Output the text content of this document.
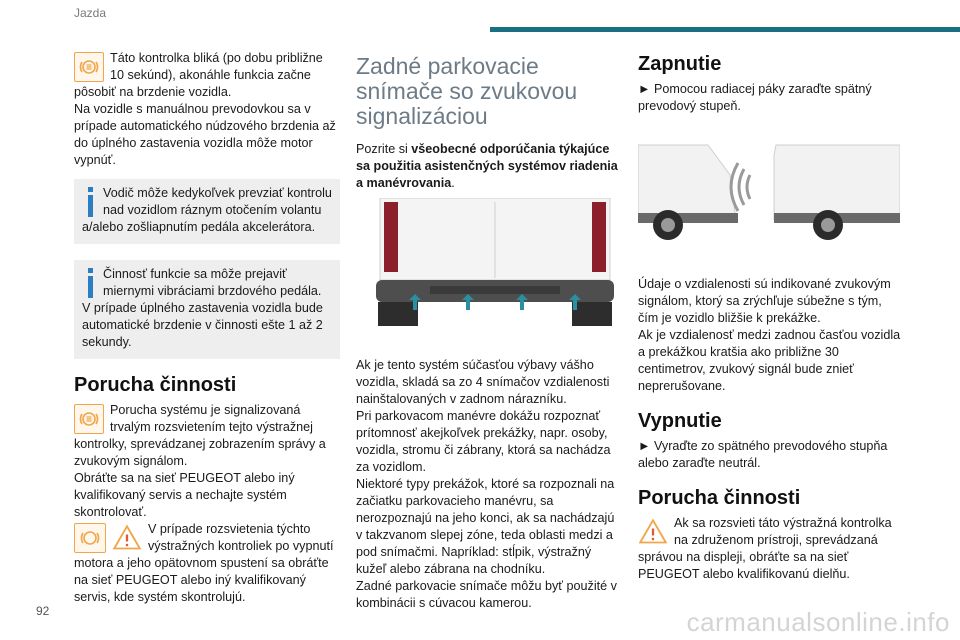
Jazda

Táto kontrolka bliká (po dobu približne 10 sekúnd), akonáhle funkcia začne pôsobiť na brzdenie vozidla.

Na vozidle s manuálnou prevodovkou sa v prípade automatického núdzového brzdenia až do úplného zastavenia vozidla môže motor vypnúť.

Vodič môže kedykoľvek prevziať kontrolu nad vozidlom ráznym otočením volantu a/alebo zošliapnutím pedála akcelerátora.

Činnosť funkcie sa môže prejaviť miernymi vibráciami brzdového pedála.

V prípade úplného zastavenia vozidla bude automatické brzdenie v činnosti ešte 1 až 2 sekundy.

Porucha činnosti

Porucha systému je signalizovaná trvalým rozsvietením tejto výstražnej kontrolky, sprevádzanej zobrazením správy a zvukovým signálom.

Obráťte sa na sieť PEUGEOT alebo iný kvalifikovaný servis a nechajte systém skontrolovať.

V prípade rozsvietenia týchto výstražných kontroliek po vypnutí motora a jeho opätovnom spustení sa obráťte na sieť PEUGEOT alebo iný kvalifikovaný servis, kde systém skontrolujú.

Zadné parkovacie snímače so zvukovou signalizáciou

Pozrite si všeobecné odporúčania týkajúce sa použitia asistenčných systémov riadenia a manévrovania.

Ak je tento systém súčasťou výbavy vášho vozidla, skladá sa zo 4 snímačov vzdialenosti nainštalovaných v zadnom nárazníku.

Pri parkovacom manévre dokážu rozpoznať prítomnosť akejkoľvek prekážky, napr. osoby, vozidla, stromu či zábrany, ktorá sa nachádza za vozidlom.

Niektoré typy prekážok, ktoré sa rozpoznali na začiatku parkovacieho manévru, sa nerozpoznajú na jeho konci, ak sa nachádzajú v takzvanom slepej zóne, teda oblasti medzi a pod snímačmi. Napríklad: stĺpik, výstražný kužeľ alebo zábrana na chodníku.

Zadné parkovacie snímače môžu byť použité v kombinácii s cúvacou kamerou.

Zapnutie

► Pomocou radiacej páky zaraďte spätný prevodový stupeň.

Údaje o vzdialenosti sú indikované zvukovým signálom, ktorý sa zrýchľuje súbežne s tým, čím je vozidlo bližšie k prekážke.

Ak je vzdialenosť medzi zadnou časťou vozidla a prekážkou kratšia ako približne 30 centimetrov, zvukový signál bude znieť neprerušovane.

Vypnutie

► Vyraďte zo spätného prevodového stupňa alebo zaraďte neutrál.

Porucha činnosti

Ak sa rozsvieti táto výstražná kontrolka na združenom prístroji, sprevádzaná správou na displeji, obráťte sa na sieť PEUGEOT alebo kvalifikovanú dielňu.

92	carmanualsonline.info
